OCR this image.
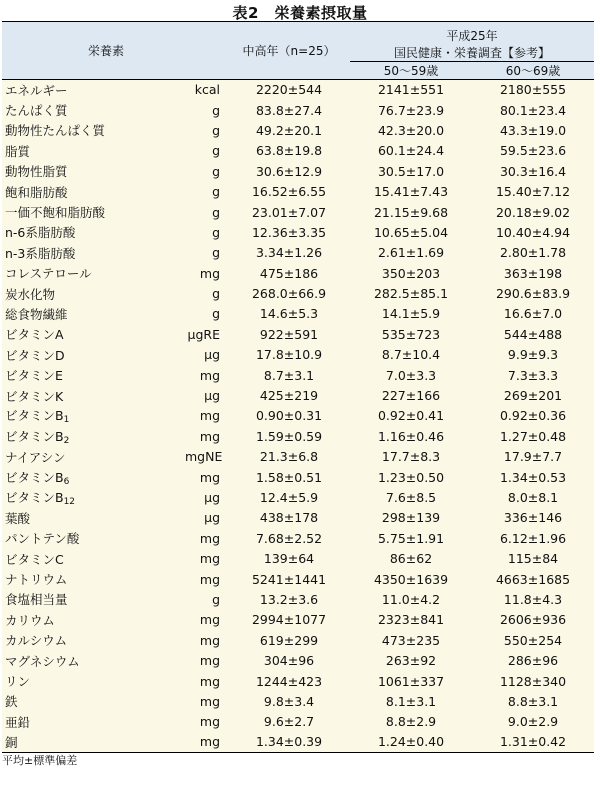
表2　栄養素摂取量
栄養素		中高年（n=25）	平成25年	
			国民健康・栄養調査【参考】	
			50～59歳	60～69歳
エネルギー	kcal	2220±544	2141±551	2180±555
たんぱく質	g	83.8±27.4	76.7±23.9	80.1±23.4
動物性たんぱく質	g	49.2±20.1	42.3±20.0	43.3±19.0
脂質	g	63.8±19.8	60.1±24.4	59.5±23.6
動物性脂質	g	30.6±12.9	30.5±17.0	30.3±16.4
飽和脂肪酸	g	16.52±6.55	15.41±7.43	15.40±7.12
一価不飽和脂肪酸	g	23.01±7.07	21.15±9.68	20.18±9.02
n-6系脂肪酸	g	12.36±3.35	10.65±5.04	10.40±4.94
n-3系脂肪酸	g	3.34±1.26	2.61±1.69	2.80±1.78
コレステロール	mg	475±186	350±203	363±198
炭水化物	g	268.0±66.9	282.5±85.1	290.6±83.9
総食物繊維	g	14.6±5.3	14.1±5.9	16.6±7.0
ビタミンA	μgRE	922±591	535±723	544±488
ビタミンD	μg	17.8±10.9	8.7±10.4	9.9±9.3
ビタミンE	mg	8.7±3.1	7.0±3.3	7.3±3.3
ビタミンK	μg	425±219	227±166	269±201
ビタミン$B_1$	mg	0.90±0.31	0.92±0.41	0.92±0.36
ビタミン$B_2$	mg	1.59±0.59	1.16±0.46	1.27±0.48
ナイアシン	mgNE	21.3±6.8	17.7±8.3	17.9±7.7
ビタミン$B_6$	mg	1.58±0.51	1.23±0.50	1.34±0.53
ビタミン$B_{12}$	μg	12.4±5.9	7.6±8.5	8.0±8.1
葉酸	μg	438±178	298±139	336±146
パントテン酸	mg	7.68±2.52	5.75±1.91	6.12±1.96
ビタミンC	mg	139±64	86±62	115±84
ナトリウム	mg	5241±1441	4350±1639	4663±1685
食塩相当量	g	13.2±3.6	11.0±4.2	11.8±4.3
カリウム	mg	2994±1077	2323±841	2606±936
カルシウム	mg	619±299	473±235	550±254
マグネシウム	mg	304±96	263±92	286±96
リン	mg	1244±423	1061±337	1128±340
鉄	mg	9.8±3.4	8.1±3.1	8.8±3.1
亜鉛	mg	9.6±2.7	8.8±2.9	9.0±2.9
銅	mg	1.34±0.39	1.24±0.40	1.31±0.42
平均±標準偏差
